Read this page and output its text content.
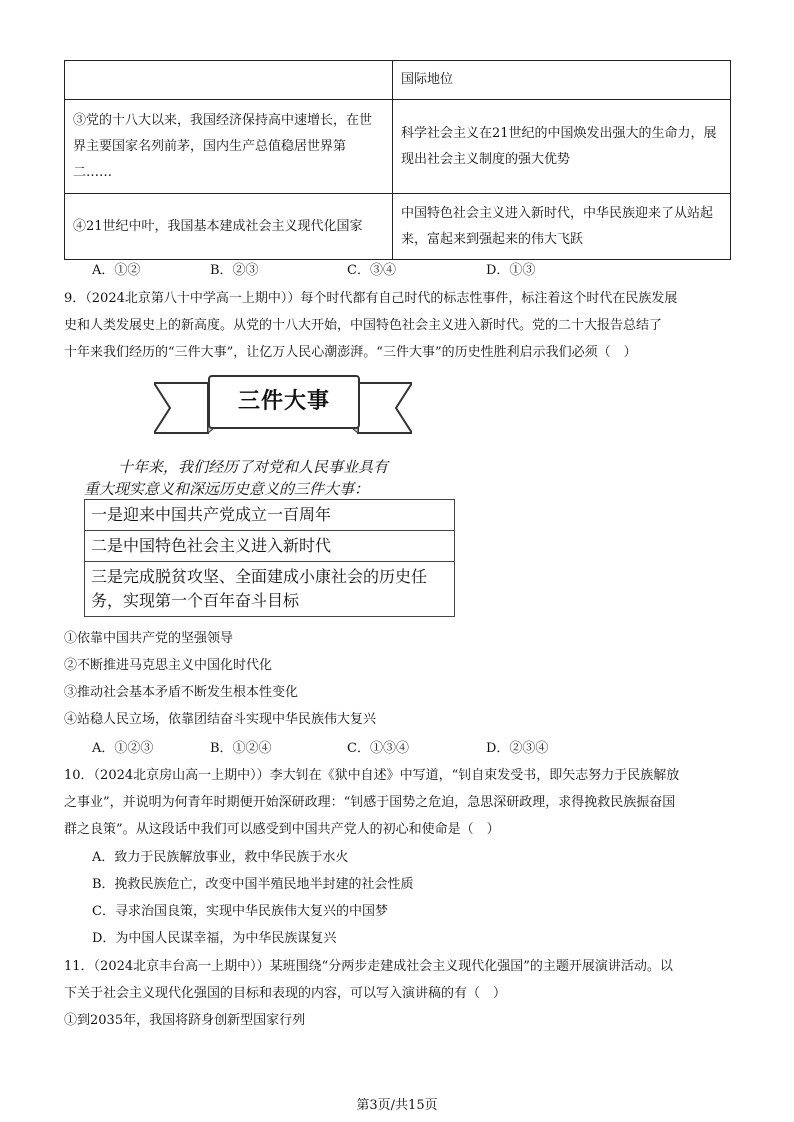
	国际地位
③党的十八大以来，我国经济保持高中速增长，在世界主要国家名列前茅，国内生产总值稳居世界第二……	科学社会主义在21世纪的中国焕发出强大的生命力，展现出社会主义制度的强大优势
④21世纪中叶，我国基本建成社会主义现代化国家	中国特色社会主义进入新时代，中华民族迎来了从站起来，富起来到强起来的伟大飞跃
A．①②	B．②③	C．③④	D．①③
9．（2024北京第八十中学高一上期中））每个时代都有自己时代的标志性事件，标注着这个时代在民族发展
史和人类发展史上的新高度。从党的十八大开始，中国特色社会主义进入新时代。党的二十大报告总结了
十年来我们经历的“三件大事”，让亿万人民心潮澎湃。“三件大事”的历史性胜利启示我们必须（　）
三件大事
十年来，我们经历了对党和人民事业具有
重大现实意义和深远历史意义的三件大事：
一是迎来中国共产党成立一百周年
二是中国特色社会主义进入新时代
三是完成脱贫攻坚、全面建成小康社会的历史任务，实现第一个百年奋斗目标
①依靠中国共产党的坚强领导
②不断推进马克思主义中国化时代化
③推动社会基本矛盾不断发生根本性变化
④站稳人民立场，依靠团结奋斗实现中华民族伟大复兴
A．①②③	B．①②④	C．①③④	D．②③④
10．（2024北京房山高一上期中））李大钊在《狱中自述》中写道，“钊自束发受书，即矢志努力于民族解放
之事业”，并说明为何青年时期便开始深研政理：“钊感于国势之危迫，急思深研政理，求得挽救民族振奋国
群之良策”。从这段话中我们可以感受到中国共产党人的初心和使命是（　）
A．致力于民族解放事业，救中华民族于水火
B．挽救民族危亡，改变中国半殖民地半封建的社会性质
C．寻求治国良策，实现中华民族伟大复兴的中国梦
D．为中国人民谋幸福，为中华民族谋复兴
11．（2024北京丰台高一上期中））某班围绕“分两步走建成社会主义现代化强国”的主题开展演讲活动。以
下关于社会主义现代化强国的目标和表现的内容，可以写入演讲稿的有（　）
①到2035年，我国将跻身创新型国家行列
第3页/共15页
